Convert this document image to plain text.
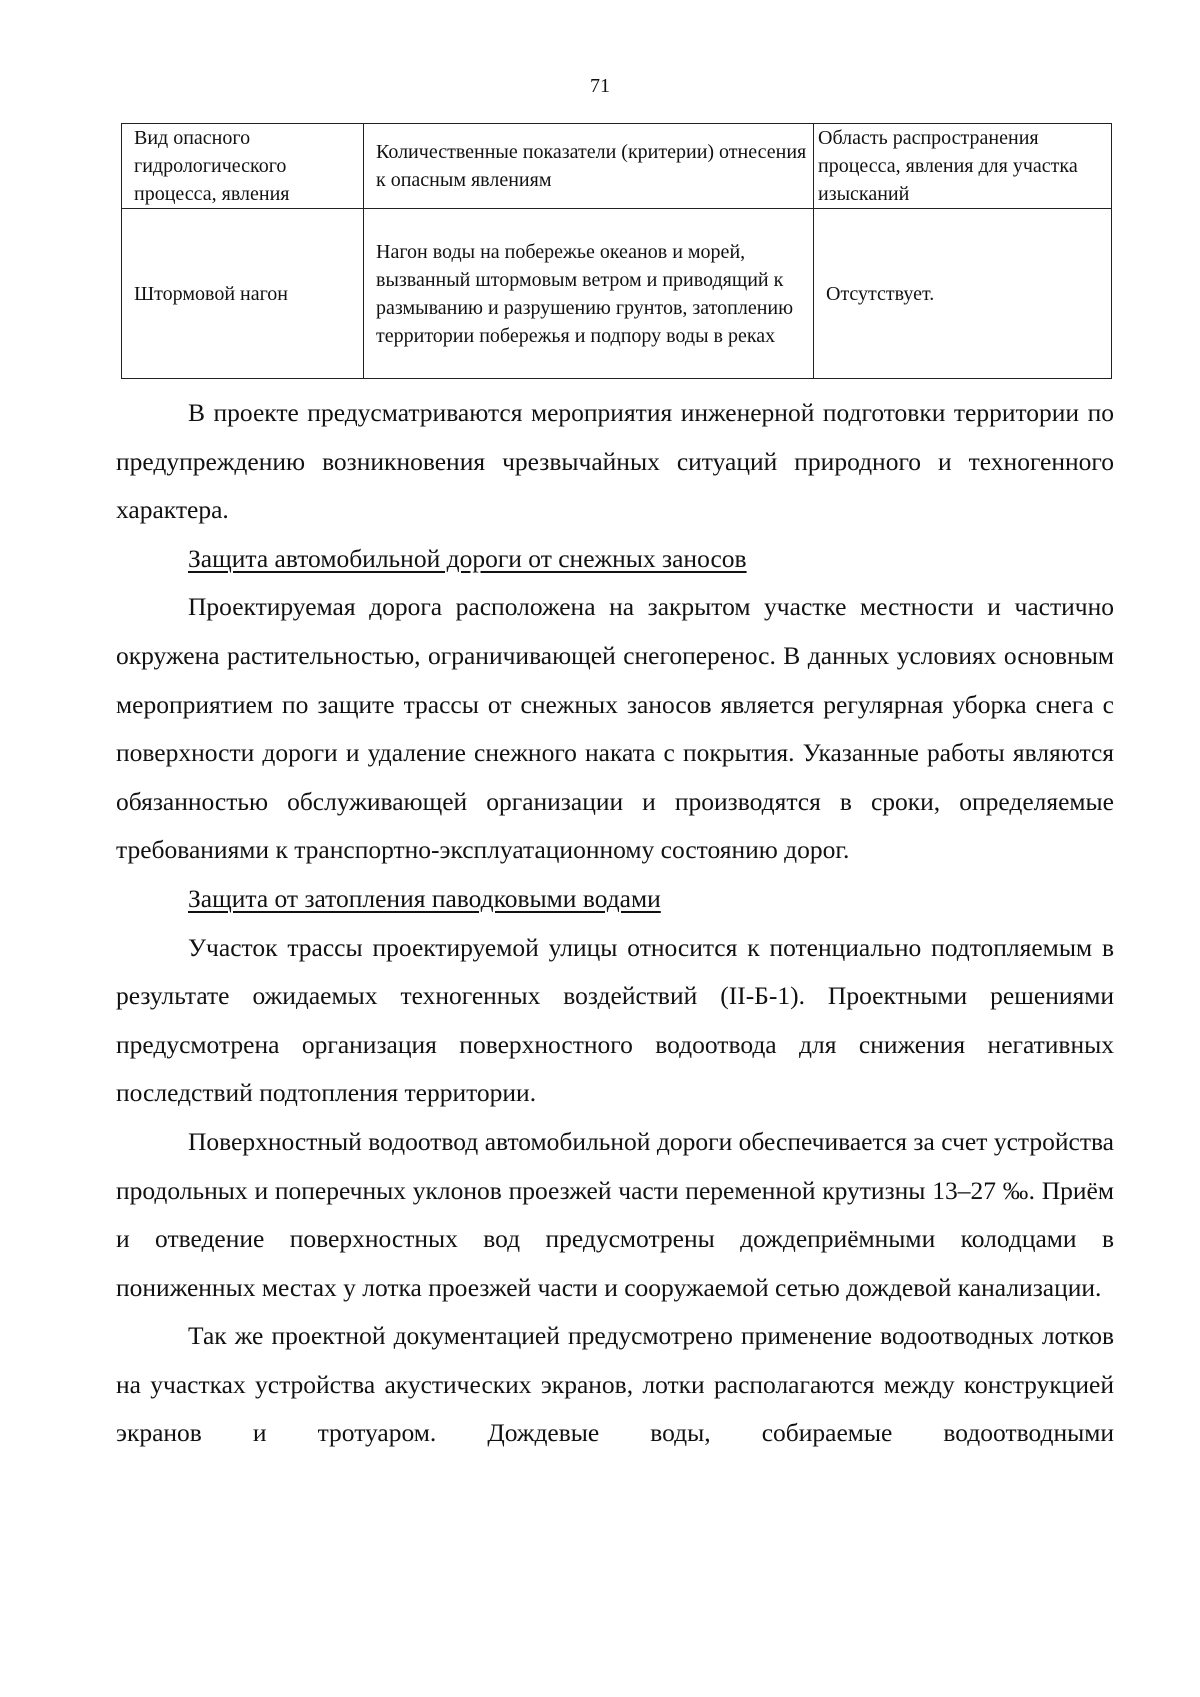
71
Вид опасного гидрологического процесса, явления	Количественные показатели (критерии) отнесения к опасным явлениям	Область распространения процесса, явления для участка изысканий

Штормовой нагон	Нагон воды на побережье океанов и морей, вызванный штормовым ветром и приводящий к размыванию и разрушению грунтов, затоплению территории побережья и подпору воды в реках	Отсутствует.

В проекте предусматриваются мероприятия инженерной подготовки территории по предупреждению возникновения чрезвычайных ситуаций природного и техногенного характера.

Защита автомобильной дороги от снежных заносов

Проектируемая дорога расположена на закрытом участке местности и частично окружена растительностью, ограничивающей снегоперенос. В данных условиях основным мероприятием по защите трассы от снежных заносов является регулярная уборка снега с поверхности дороги и удаление снежного наката с покрытия. Указанные работы являются обязанностью обслуживающей организации и производятся в сроки, определяемые требованиями к транспортно-эксплуатационному состоянию дорог.

Защита от затопления паводковыми водами

Участок трассы проектируемой улицы относится к потенциально подтопляемым в результате ожидаемых техногенных воздействий (II-Б-1). Проектными решениями предусмотрена организация поверхностного водоотвода для снижения негативных последствий подтопления территории.

Поверхностный водоотвод автомобильной дороги обеспечивается за счет устройства продольных и поперечных уклонов проезжей части переменной крутизны 13–27 ‰. Приём и отведение поверхностных вод предусмотрены дождеприёмными колодцами в пониженных местах у лотка проезжей части и сооружаемой сетью дождевой канализации.

Так же проектной документацией предусмотрено применение водоотводных лотков на участках устройства акустических экранов, лотки располагаются между конструкцией экранов и тротуаром. Дождевые воды, собираемые водоотводными
